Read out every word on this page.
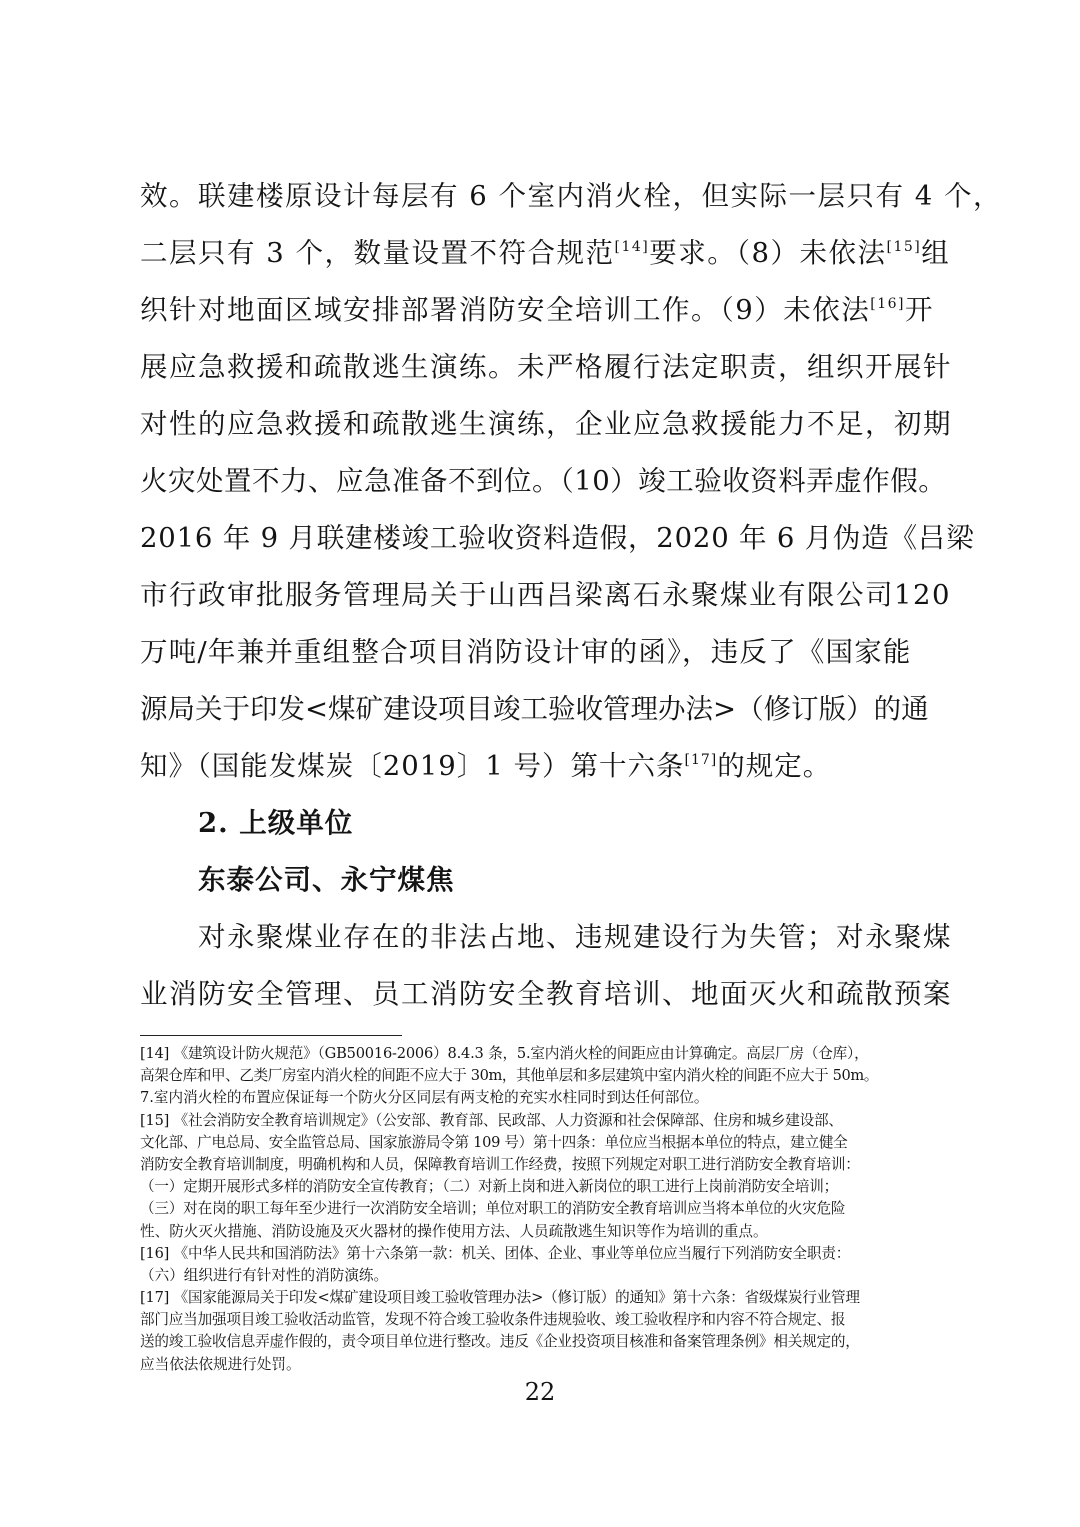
效。联建楼原设计每层有 6 个室内消火栓，但实际一层只有 4 个，
二层只有 3 个，数量设置不符合规范[14]要求。（8）未依法[15]组
织针对地面区域安排部署消防安全培训工作。（9）未依法[16]开
展应急救援和疏散逃生演练。未严格履行法定职责，组织开展针
对性的应急救援和疏散逃生演练，企业应急救援能力不足，初期
火灾处置不力、应急准备不到位。（10）竣工验收资料弄虚作假。
2016 年 9 月联建楼竣工验收资料造假，2020 年 6 月伪造《吕梁
市行政审批服务管理局关于山西吕梁离石永聚煤业有限公司120
万吨/年兼并重组整合项目消防设计审的函》，违反了《国家能
源局关于印发<煤矿建设项目竣工验收管理办法>（修订版）的通
知》（国能发煤炭〔2019〕1 号）第十六条[17]的规定。
2. 上级单位
东泰公司、永宁煤焦
对永聚煤业存在的非法占地、违规建设行为失管；对永聚煤
业消防安全管理、员工消防安全教育培训、地面灭火和疏散预案
[14] 《建筑设计防火规范》（GB50016-2006）8.4.3 条，5.室内消火栓的间距应由计算确定。高层厂房（仓库），
高架仓库和甲、乙类厂房室内消火栓的间距不应大于 30m，其他单层和多层建筑中室内消火栓的间距不应大于 50m。
7.室内消火栓的布置应保证每一个防火分区同层有两支枪的充实水柱同时到达任何部位。
[15] 《社会消防安全教育培训规定》（公安部、教育部、民政部、人力资源和社会保障部、住房和城乡建设部、
文化部、广电总局、安全监管总局、国家旅游局令第 109 号）第十四条：单位应当根据本单位的特点，建立健全
消防安全教育培训制度，明确机构和人员，保障教育培训工作经费，按照下列规定对职工进行消防安全教育培训：
（一）定期开展形式多样的消防安全宣传教育；（二）对新上岗和进入新岗位的职工进行上岗前消防安全培训；
（三）对在岗的职工每年至少进行一次消防安全培训；单位对职工的消防安全教育培训应当将本单位的火灾危险
性、防火灭火措施、消防设施及灭火器材的操作使用方法、人员疏散逃生知识等作为培训的重点。
[16] 《中华人民共和国消防法》第十六条第一款：机关、团体、企业、事业等单位应当履行下列消防安全职责：
（六）组织进行有针对性的消防演练。
[17] 《国家能源局关于印发<煤矿建设项目竣工验收管理办法>（修订版）的通知》第十六条：省级煤炭行业管理
部门应当加强项目竣工验收活动监管，发现不符合竣工验收条件违规验收、竣工验收程序和内容不符合规定、报
送的竣工验收信息弄虚作假的，责令项目单位进行整改。违反《企业投资项目核准和备案管理条例》相关规定的，
应当依法依规进行处罚。
22
